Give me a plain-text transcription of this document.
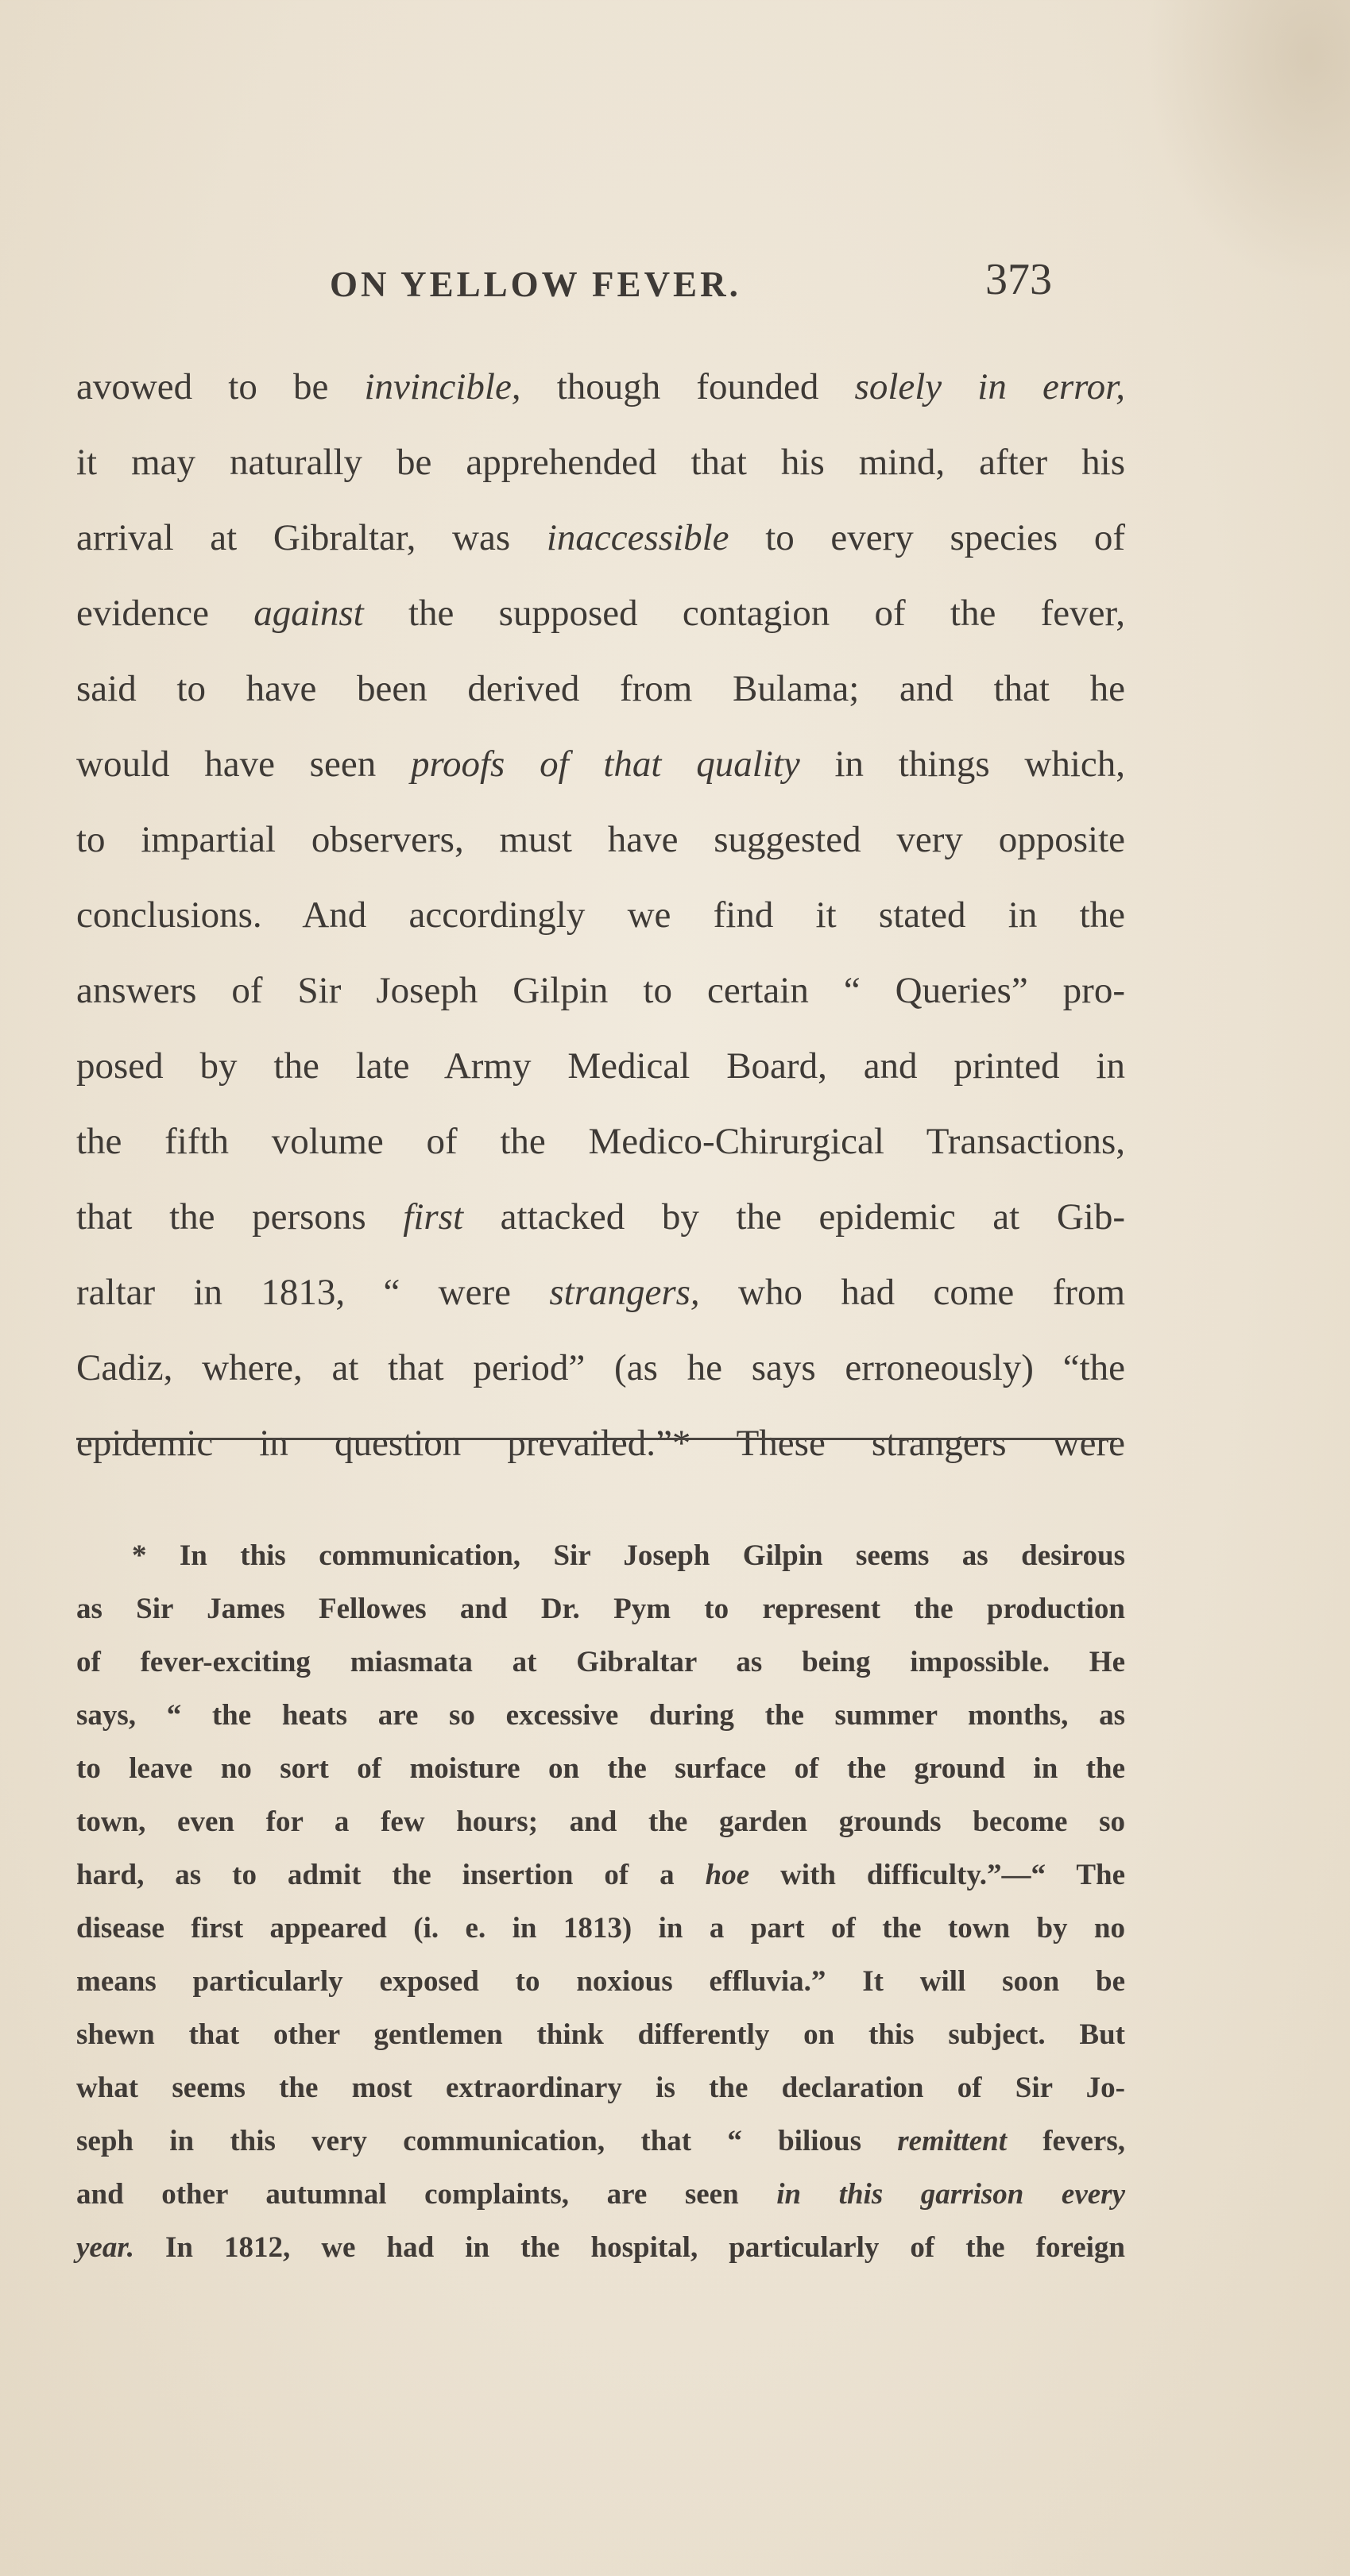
ON YELLOW FEVER.	373
avowed to be invincible, though founded solely in error,
it may naturally be apprehended that his mind, after his
arrival at Gibraltar, was inaccessible to every species of
evidence against the supposed contagion of the fever,
said to have been derived from Bulama; and that he
would have seen proofs of that quality in things which,
to impartial observers, must have suggested very opposite
conclusions. And accordingly we find it stated in the
answers of Sir Joseph Gilpin to certain “ Queries” pro-
posed by the late Army Medical Board, and printed in
the fifth volume of the Medico-Chirurgical Transactions,
that the persons first attacked by the epidemic at Gib-
raltar in 1813, “ were strangers, who had come from
Cadiz, where, at that period” (as he says erroneously) “the
epidemic in question prevailed.”* These strangers were
* In this communication, Sir Joseph Gilpin seems as desirous
as Sir James Fellowes and Dr. Pym to represent the production
of fever-exciting miasmata at Gibraltar as being impossible. He
says, “ the heats are so excessive during the summer months, as
to leave no sort of moisture on the surface of the ground in the
town, even for a few hours; and the garden grounds become so
hard, as to admit the insertion of a hoe with difficulty.”—“ The
disease first appeared (i. e. in 1813) in a part of the town by no
means particularly exposed to noxious effluvia.” It will soon be
shewn that other gentlemen think differently on this subject. But
what seems the most extraordinary is the declaration of Sir Jo-
seph in this very communication, that “ bilious remittent fevers,
and other autumnal complaints, are seen in this garrison every
year. In 1812, we had in the hospital, particularly of the foreign
